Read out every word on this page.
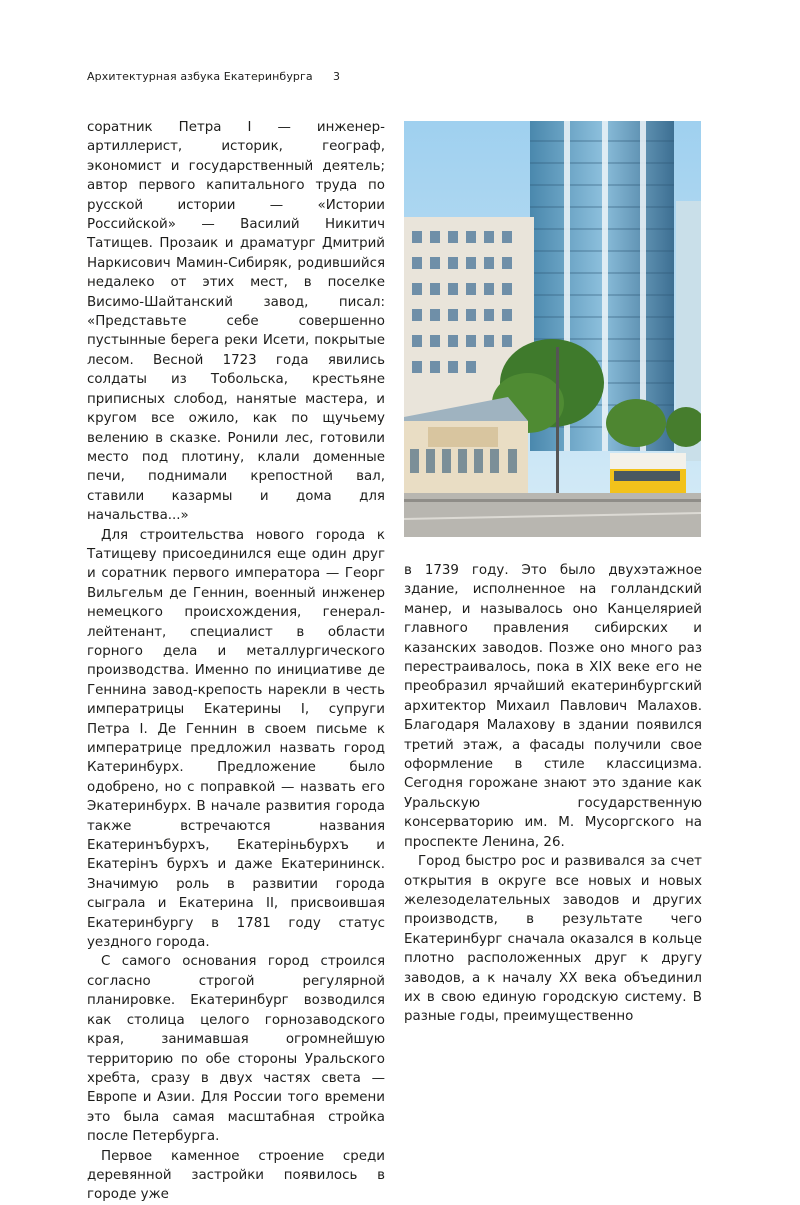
Архитектурная азбука Екатеринбурга 3

соратник Петра I — инженер-артиллерист, историк, географ, экономист и государственный деятель; автор первого капитального труда по русской истории — «Истории Российской» — Василий Никитич Татищев. Прозаик и драматург Дмитрий Наркисович Мамин-Сибиряк, родившийся недалеко от этих мест, в поселке Висимо-Шайтанский завод, писал: «Представьте себе совершенно пустынные берега реки Исети, покрытые лесом. Весной 1723 года явились солдаты из Тобольска, крестьяне приписных слобод, нанятые мастера, и кругом все ожило, как по щучьему велению в сказке. Ронили лес, готовили место под плотину, клали доменные печи, поднимали крепостной вал, ставили казармы и дома для начальства...»

Для строительства нового города к Татищеву присоединился еще один друг и соратник первого императора — Георг Вильгельм де Геннин, военный инженер немецкого происхождения, генерал-лейтенант, специалист в области горного дела и металлургического производства. Именно по инициативе де Геннина завод-крепость нарекли в честь императрицы Екатерины I, супруги Петра I. Де Геннин в своем письме к императрице предложил назвать город Катеринбурх. Предложение было одобрено, но с поправкой — назвать его Экатеринбурх. В начале развития города также встречаются названия Екатеринъбурхъ, Екатерiньбурхъ и Екатерiнъ бурхъ и даже Екатерининск. Значимую роль в развитии города сыграла и Екатерина II, присвоившая Екатеринбургу в 1781 году статус уездного города.

С самого основания город строился согласно строгой регулярной планировке. Екатеринбург возводился как столица целого горнозаводского края, занимавшая огромнейшую территорию по обе стороны Уральского хребта, сразу в двух частях света — Европе и Азии. Для России того времени это была самая масштабная стройка после Петербурга.

Первое каменное строение среди деревянной застройки появилось в городе уже

в 1739 году. Это было двухэтажное здание, исполненное на голландский манер, и называлось оно Канцелярией главного правления сибирских и казанских заводов. Позже оно много раз перестраивалось, пока в XIX веке его не преобразил ярчайший екатеринбургский архитектор Михаил Павлович Малахов. Благодаря Малахову в здании появился третий этаж, а фасады получили свое оформление в стиле классицизма. Сегодня горожане знают это здание как Уральскую государственную консерваторию им. М. Мусоргского на проспекте Ленина, 26.

Город быстро рос и развивался за счет открытия в округе все новых и новых железоделательных заводов и других производств, в результате чего Екатеринбург сначала оказался в кольце плотно расположенных друг к другу заводов, а к началу XX века объединил их в свою единую городскую систему. В разные годы, преимущественно
